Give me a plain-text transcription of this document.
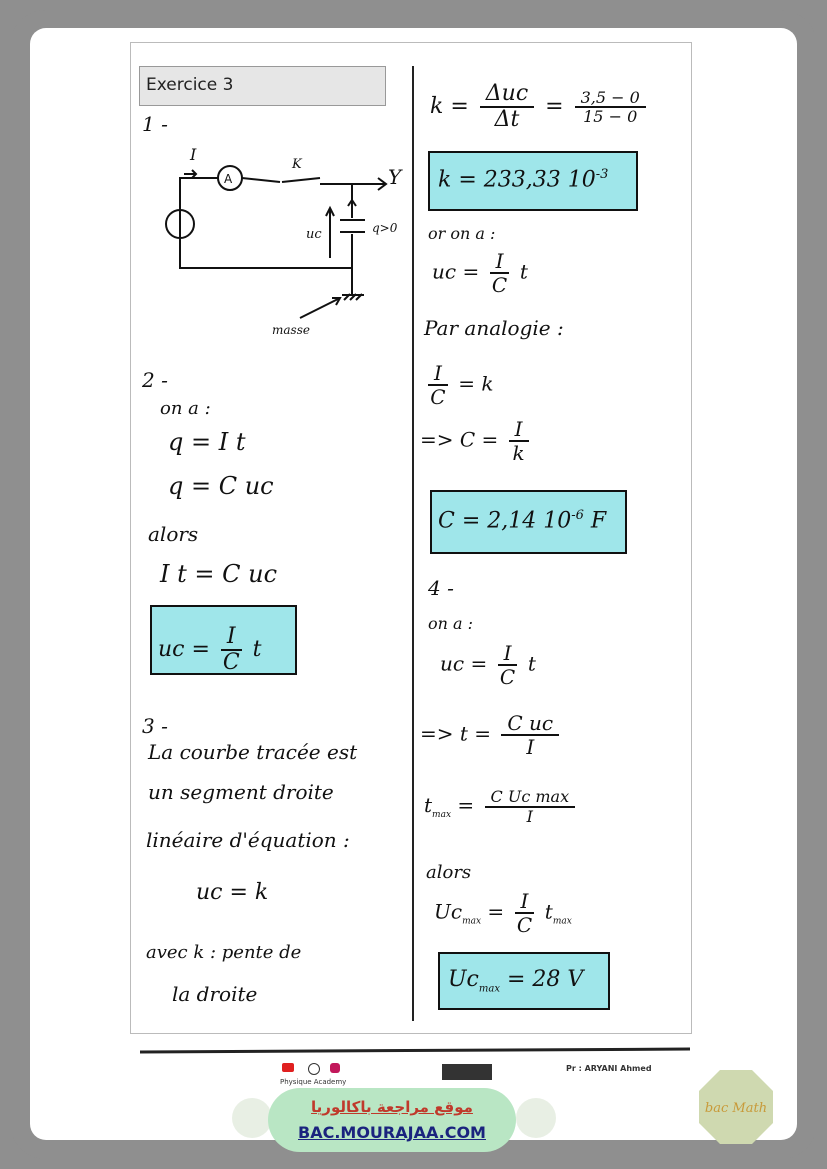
Exercice 3
1 -
I
A
K
Y
uc	q>0
masse
2 -
on a :
q = I t
q = C uc
alors
I t = C uc
uc = $\frac{I}{C}$ t
3 -
La courbe tracée est
un segment droite
linéaire d'équation :
uc = k
avec k : pente de
la droite
$k = \frac{\text{Δuc}}{\Delta t} = \frac{3,5 - 0}{15 - 0}$
k = 233,33 $10^{-3}$
or on a :
uc = $\frac{I}{C}$ t
Par analogie :
$\frac{I}{C} = k$
=> $C = \frac{I}{k}$
C = 2,14 $10^{-6}$ F
4 -
on a :
uc = $\frac{I}{C}$ t
=> $t = \frac{\text{C uc}}{I}$
$t_{max} = \frac{\text{C Uc max}}{I}$
alors
$Uc_{max} = \frac{I}{C} t_{max}$
$Uc_{max} = 28$ V
Physique Academy
Pr : ARYANI Ahmed
موقع مراجعة باكالوريا
BAC.MOURAJAA.COM
bac Math
